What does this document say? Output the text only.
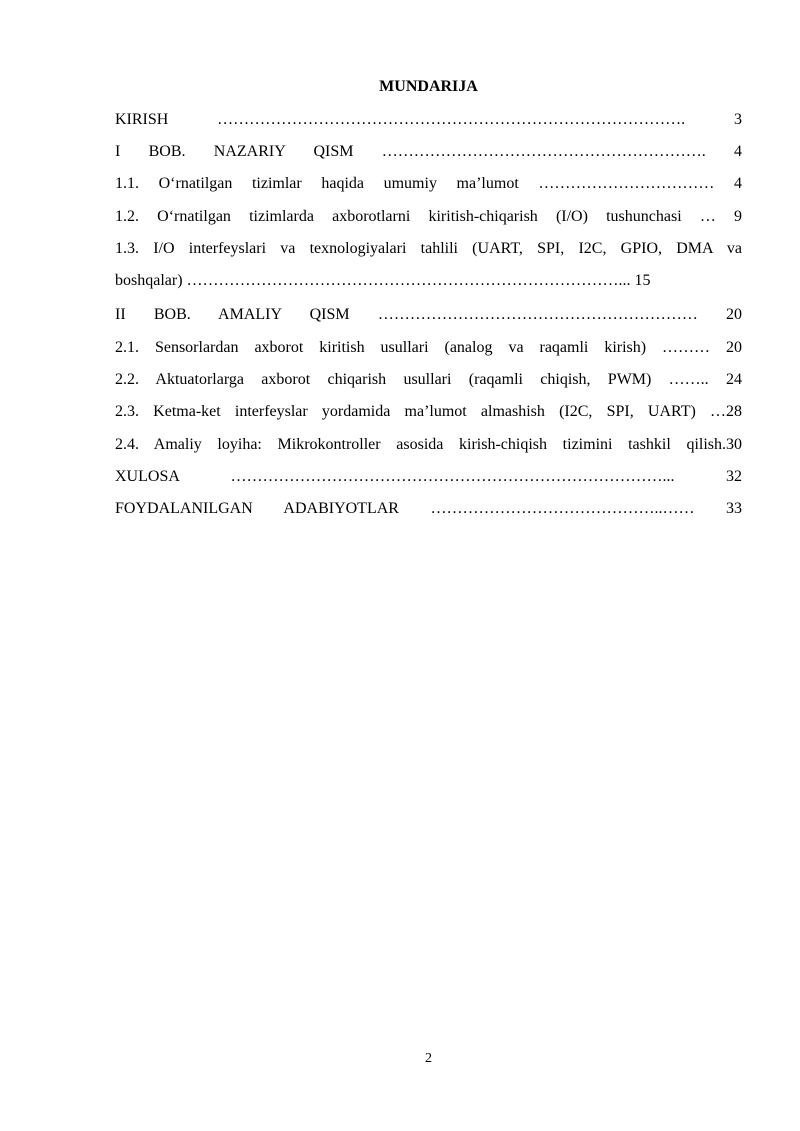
MUNDARIJA
KIRISH ……………………………………………………………………………. 3
I BOB. NAZARIY QISM ……………………………………………………. 4
1.1. O‘rnatilgan tizimlar haqida umumiy ma’lumot …………………………… 4
1.2. O‘rnatilgan tizimlarda axborotlarni kiritish-chiqarish (I/O) tushunchasi … 9
1.3. I/O interfeyslari va texnologiyalari tahlili (UART, SPI, I2C, GPIO, DMA va
boshqalar) ………………………………………………………………………... 15
II BOB. AMALIY QISM …………………………………………………… 20
2.1. Sensorlardan axborot kiritish usullari (analog va raqamli kirish) ……… 20
2.2. Aktuatorlarga axborot chiqarish usullari (raqamli chiqish, PWM) …….. 24
2.3. Ketma-ket interfeyslar yordamida ma’lumot almashish (I2C, SPI, UART) …28
2.4. Amaliy loyiha: Mikrokontroller asosida kirish-chiqish tizimini tashkil qilish.30
XULOSA ………………………………………………………………………... 32
FOYDALANILGAN ADABIYOTLAR ……………………………………..…… 33
2
